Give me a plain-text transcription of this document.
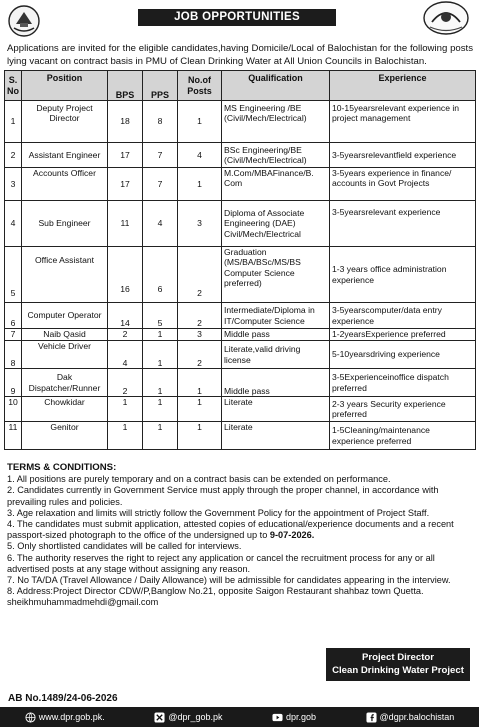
JOB OPPORTUNITIES
Applications are invited for the eligible candidates,having Domicile/Local of Balochistan for the following posts lying vacant on contract basis in PMU of Clean Drinking Water at All Union Councils in Balochistan.
S. No	Position	BPS	PPS	No.of Posts	Qualification	Experience
1	Deputy Project Director	18	8	1	MS Engineering /BE (Civil/Mech/Electrical)	10-15yearsrelevant experience in project management
2	Assistant Engineer	17	7	4	BSc Engineering/BE (Civil/Mech/Electrical)	3-5yearsrelevantfield experience
3	Accounts Officer	17	7	1	M.Com/MBAFinance/B. Com	3-5years experience in finance/ accounts in Govt Projects
4	Sub Engineer	11	4	3	Diploma of Associate Engineering (DAE) Civil/Mech/Electrical	3-5yearsrelevant experience
5	Office Assistant	16	6	2	Graduation (MS/BA/BSc/MS/BS Computer Science preferred)	1-3 years office administration experience
6	Computer Operator	14	5	2	Intermediate/Diploma in IT/Computer Science	3-5yearscomputer/data entry experience
7	Naib Qasid	2	1	3	Middle pass	1-2yearsExperience preferred
8	Vehicle Driver	4	1	2	Literate,valid driving license	5-10yearsdriving experience
9	Dak Dispatcher/Runner	2	1	1	Middle pass	3-5Experienceinoffice dispatch preferred
10	Chowkidar	1	1	1	Literate	2-3 years Security experience preferred
11	Genitor	1	1	1	Literate	1-5Cleaning/maintenance experience preferred
TERMS & CONDITIONS:

1. All positions are purely temporary and on a contract basis can be extended on performance.

2. Candidates currently in Government Service must apply through the proper channel, in accordance with prevailing rules and policies.

3. Age relaxation and limits will strictly follow the Government Policy for the appointment of Project Staff.

4. The candidates must submit application, attested copies of educational/experience documents and a recent passport-sized photograph to the office of the undersigned up to 9-07-2026.

5. Only shortlisted candidates will be called for interviews.

6. The authority reserves the right to reject any application or cancel the recruitment process for any or all advertised posts at any stage without assigning any reason.

7. No TA/DA (Travel Allowance / Daily Allowance) will be admissible for candidates appearing in the interview.

8. Address:Project Director CDW/P,Banglow No.21, opposite Saigon Restaurant shahbaz town Quetta. sheikhmuhammadmehdi@gmail.com

Project Director
Clean Drinking Water Project
AB No.1489/24-06-2026
www.dpr.gob.pk.	@dpr_gob.pk	dpr.gob	@dgpr.balochistan
